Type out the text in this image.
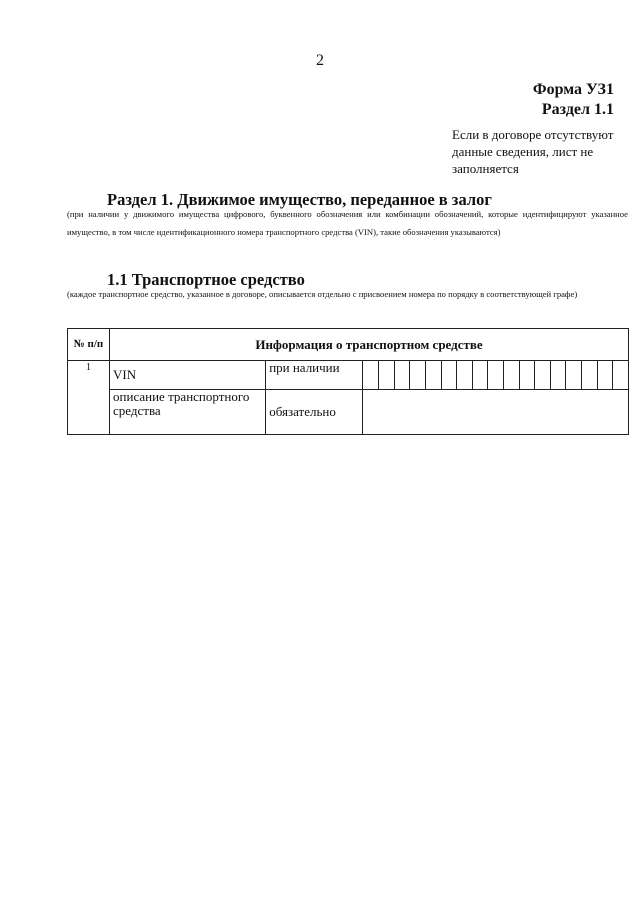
2
Форма УЗ1
Раздел 1.1
Если в договоре отсутствуют данные сведения, лист не заполняется
Раздел 1. Движимое имущество, переданное в залог
(при наличии у движимого имущества цифрового, буквенного обозначения или комбинации обозначений, которые идентифицируют указанное имущество, в том числе идентификационного номера транспортного средства (VIN), такие обозначения указываются)
1.1 Транспортное средство
(каждое транспортное средство, указанное в договоре, описывается отдельно с присвоением номера по порядку в соответствующей графе)
№ п/п	Информация о транспортном средстве																		
1	VIN	при наличии																	
	описание транспортного средства	обязательно																	
